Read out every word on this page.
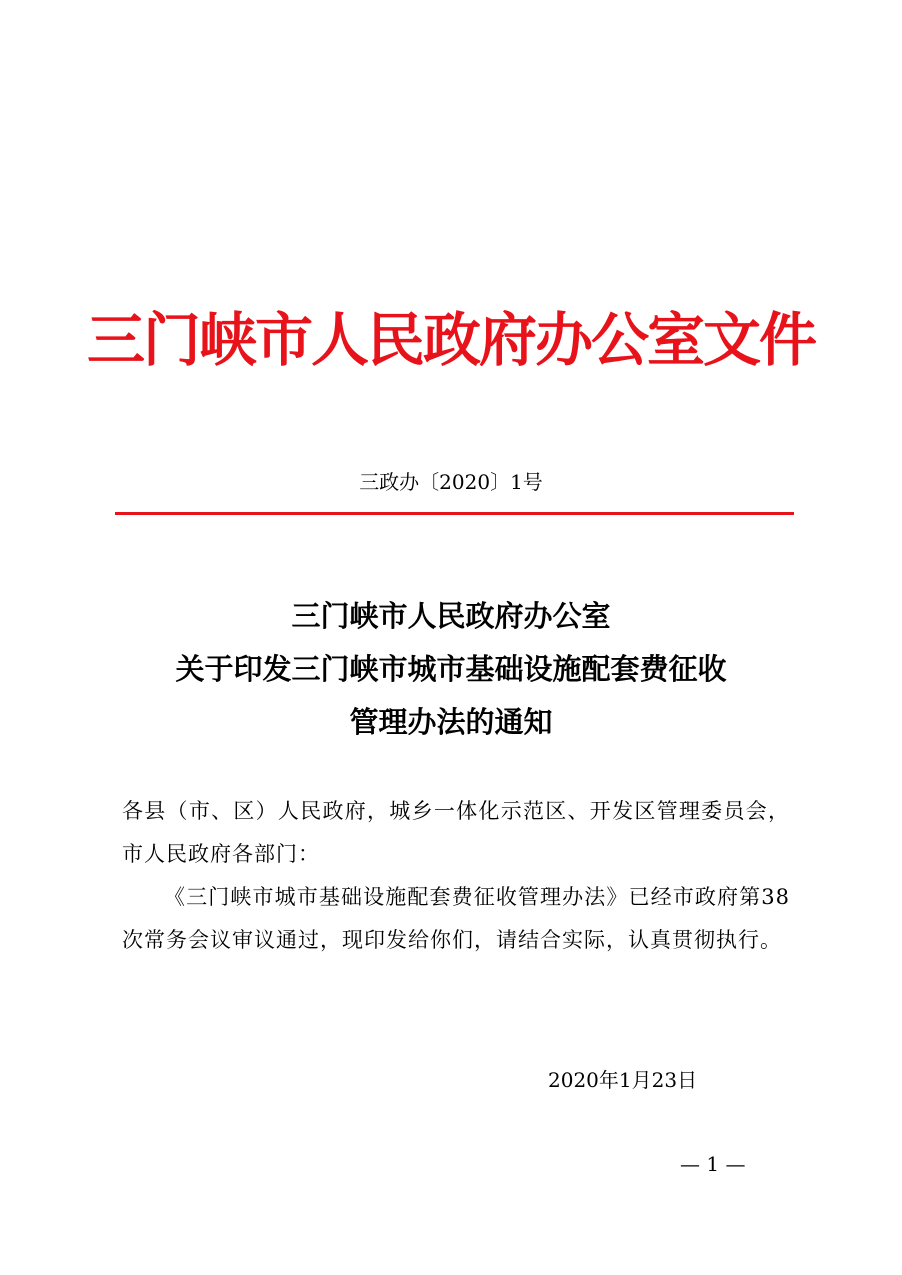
三门峡市人民政府办公室文件
三政办〔2020〕1号
三门峡市人民政府办公室
关于印发三门峡市城市基础设施配套费征收
管理办法的通知

各县（市、区）人民政府，城乡一体化示范区、开发区管理委员会，市人民政府各部门：

《三门峡市城市基础设施配套费征收管理办法》已经市政府第38次常务会议审议通过，现印发给你们，请结合实际，认真贯彻执行。

2020年1月23日
— 1 —
